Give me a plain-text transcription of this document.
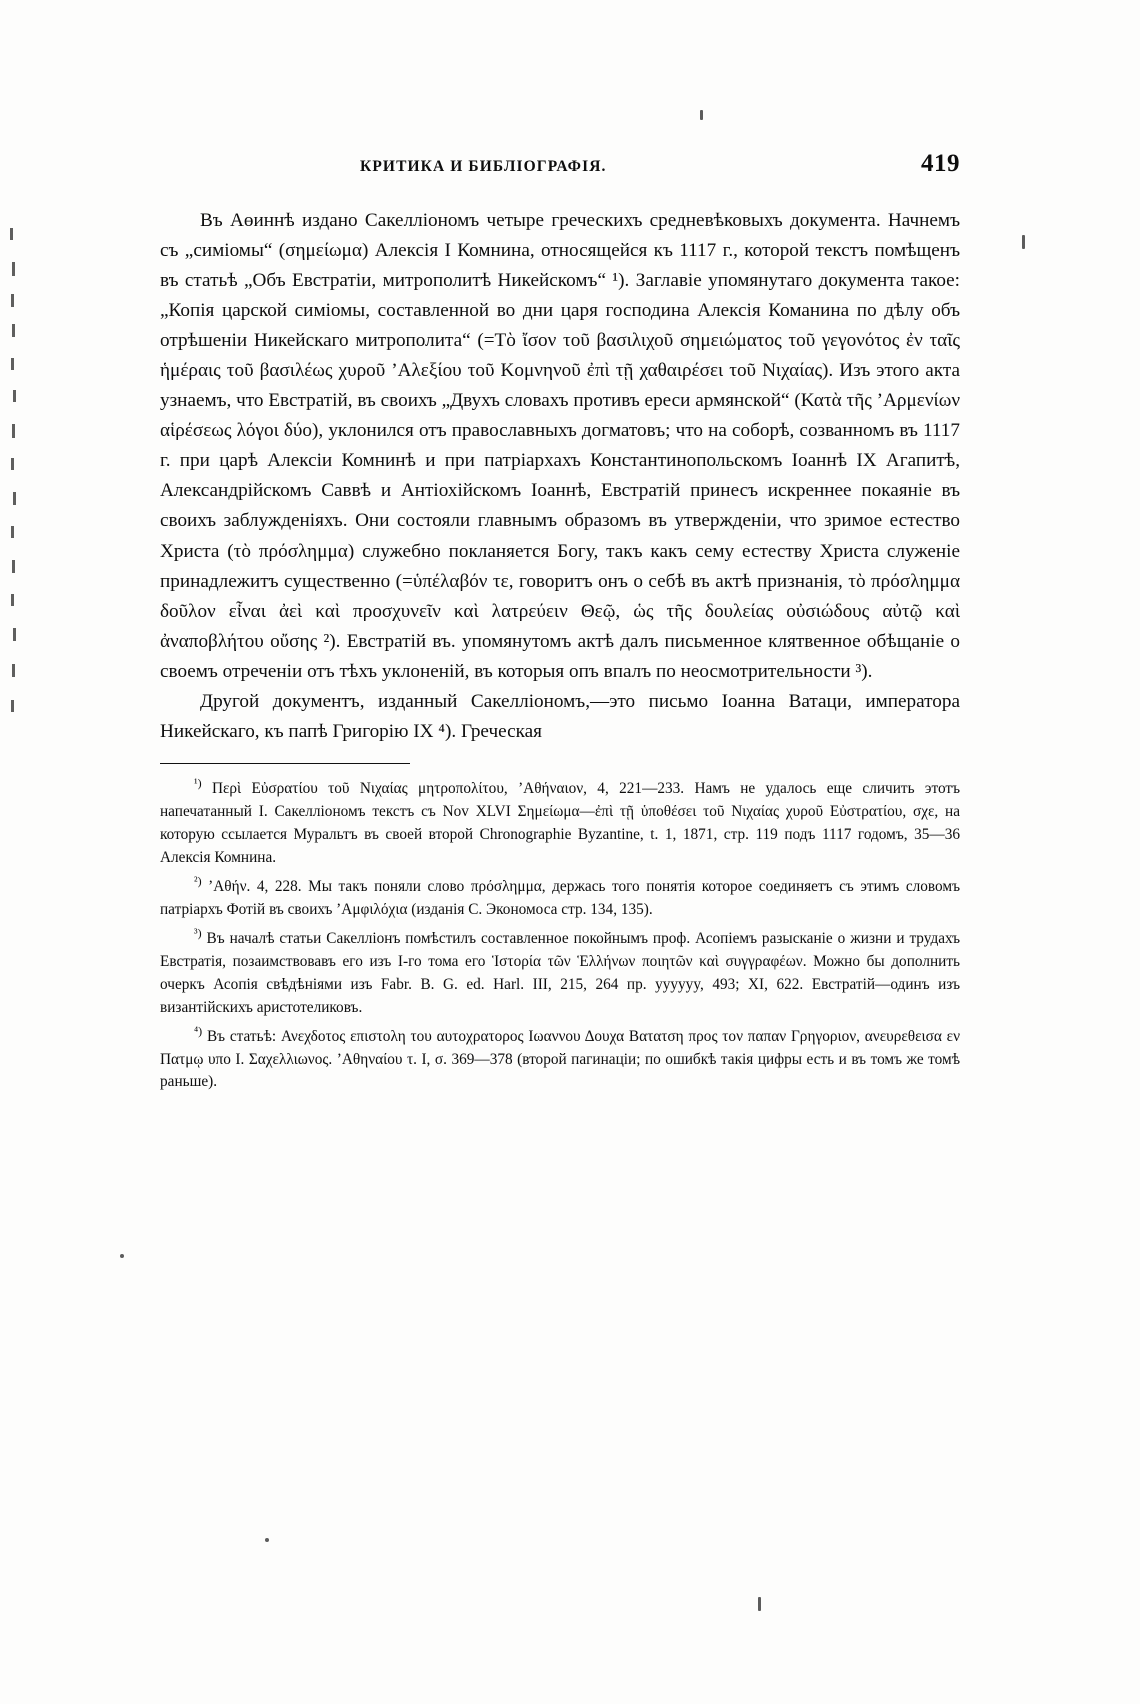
КРИТИКА И БИБЛІОГРАФІЯ.	419

Въ Аөиннѣ издано Сакелліономъ четыре греческихъ средневѣковыхъ документа. Начнемъ съ „симіомы“ (σημείωμα) Алексія I Комнина, относящейся къ 1117 г., которой текстъ помѣщенъ въ статьѣ „Объ Евстратіи, митрополитѣ Никейскомъ“ ¹). Заглавіе упомянутаго документа такое: „Копія царской симіомы, составленной во дни царя господина Алексія Команина по дѣлу объ отрѣшеніи Никейскаго митрополита“ (=Τὸ ἴσον τοῦ βασιλιχοῦ σημειώματος τοῦ γεγονότος ἐν ταῖς ἡμέραις τοῦ βασιλέως χυροῦ ’Αλεξίου τοῦ Κομνηνοῦ ἐπὶ τῇ χαθαιρέσει τοῦ Νιχαίας). Изъ этого акта узнаемъ, что Евстратій, въ своихъ „Двухъ словахъ противъ ереси армянской“ (Κατὰ τῆς ’Αρμενίων αἱρέσεως λόγοι δύο), уклонился отъ православныхъ догматовъ; что на соборѣ, созванномъ въ 1117 г. при царѣ Алексіи Комнинѣ и при патріархахъ Константинопольскомъ Іоаннѣ IX Агапитѣ, Александрійскомъ Саввѣ и Антіохійскомъ Іоаннѣ, Евстратій принесъ искреннее покаяніе въ своихъ заблужденіяхъ. Они состояли главнымъ образомъ въ утвержденіи, что зримое естество Христа (τὸ πρόσλημμα) служебно покланяется Богу, такъ какъ сему естеству Христа служеніе принадлежитъ существенно (=ὑπέλαβόν τε, говоритъ онъ о себѣ въ актѣ признанія, τὸ πρόσλημμα δοῦλον εἶναι ἀεὶ καὶ προσχυνεῖν καὶ λατρεύειν Θεῷ, ὡς τῆς δουλείας οὐσιώδους αὐτῷ καὶ ἀναποβλήτου οὔσης ²). Евстратій въ. упомянутомъ актѣ далъ письменное клятвенное обѣщаніе о своемъ отреченіи отъ тѣхъ уклоненій, въ которыя опъ впалъ по неосмотрительности ³).

Другой документъ, изданный Сакелліономъ,—это письмо Іоанна Ватаци, императора Никейскаго, къ папѣ Григорію IX ⁴). Греческая

$^{^1)}$ Περὶ Εὐσρατίου τοῦ Νιχαίας μητροπολίτου, ’Αθήναιον, 4, 221—233. Намъ не удалось еще сличить этотъ напечатанный I. Сакелліономъ текстъ съ Nov XLVI Σημείωμα—ἐπὶ τῇ ὑποθέσει τοῦ Νιχαίας χυροῦ Εὐστρατίου, σχε, на которую ссылается Муральтъ въ своей второй Chronographie Byzantine, t. 1, 1871, стр. 119 подъ 1117 годомъ, 35—36 Алексія Комнина.

$^{^2)}$ ’Αθήν. 4, 228. Мы такъ поняли слово πρόσλημμα, держась того понятія которое соединяетъ съ этимъ словомъ патріархъ Фотій въ своихъ ’Αμφιλόχια (изданія С. Экономоса стр. 134, 135).

$^{^3)}$ Въ началѣ статьи Сакелліонъ помѣстилъ составленное покойнымъ проф. Асопіемъ разысканіе о жизни и трудахъ Евстратія, позаимствовавъ его изъ I-го тома его Ἱστορία τῶν Ἑλλήνων ποιητῶν καὶ συγγραφέων. Можно бы дополнить очеркъ Асопія свѣдѣніями изъ Fabr. B. G. ed. Harl. III, 215, 264 пр. yyyyyy, 493; XI, 622. Евстратій—одинъ изъ византійскихъ аристотеликовъ.

$^{^4)}$ Въ статьѣ: Ανεχδοτος επιστολη του αυτοχρατορος Ιωαννου Δουχα Βατατση προς τον παπαν Γρηγοριον, ανευρεθεισα εν Πατμῳ υπο I. Σαχελλιωνος. ’Αθηναίου τ. I, σ. 369—378 (второй пагинаціи; по ошибкѣ такія цифры есть и въ томъ же томѣ раньше).
